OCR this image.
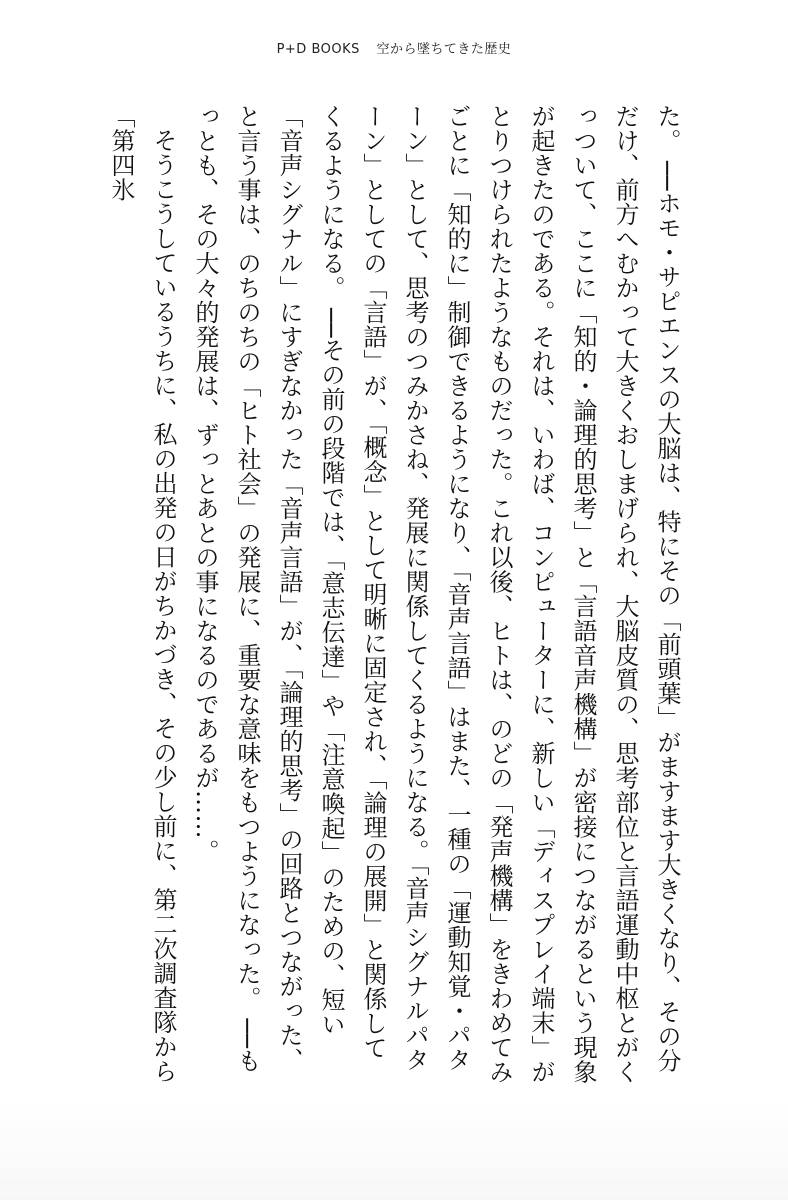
P+D BOOKS 空から墜ちてきた歴史

た。 ──ホモ・サピエンスの大脳は、特にその「前頭葉」がますます大きくなり、その分だけ、前方へむかって大きくおしまげられ、大脳皮質の、思考部位と言語運動中枢とがくっついて、ここに「知的・論理的思考」と「言語音声機構」が密接につながるという現象が起きたのである。それは、いわば、コンピューターに、新しい「ディスプレイ端末」がとりつけられたようなものだった。これ以後、ヒトは、のどの「発声機構」をきわめてみごとに「知的に」制御できるようになり、「音声言語」はまた、一種の「運動知覚・パターン」として、思考のつみかさね、発展に関係してくるようになる。「音声シグナルパターン」としての「言語」が、「概念」として明晰に固定され、「論理の展開」と関係してくるようになる。 ──その前の段階では、「意志伝達」や「注意喚起」のための、短い「音声シグナル」にすぎなかった「音声言語」が、「論理的思考」の回路とつながった、と言う事は、のちのちの「ヒト社会」の発展に、重要な意味をもつようになった。 ──もっとも、その大々的発展は、ずっとあとの事になるのであるが……。

そうこうしているうちに、私の出発の日がちかづき、その少し前に、第二次調査隊から「第四氷
